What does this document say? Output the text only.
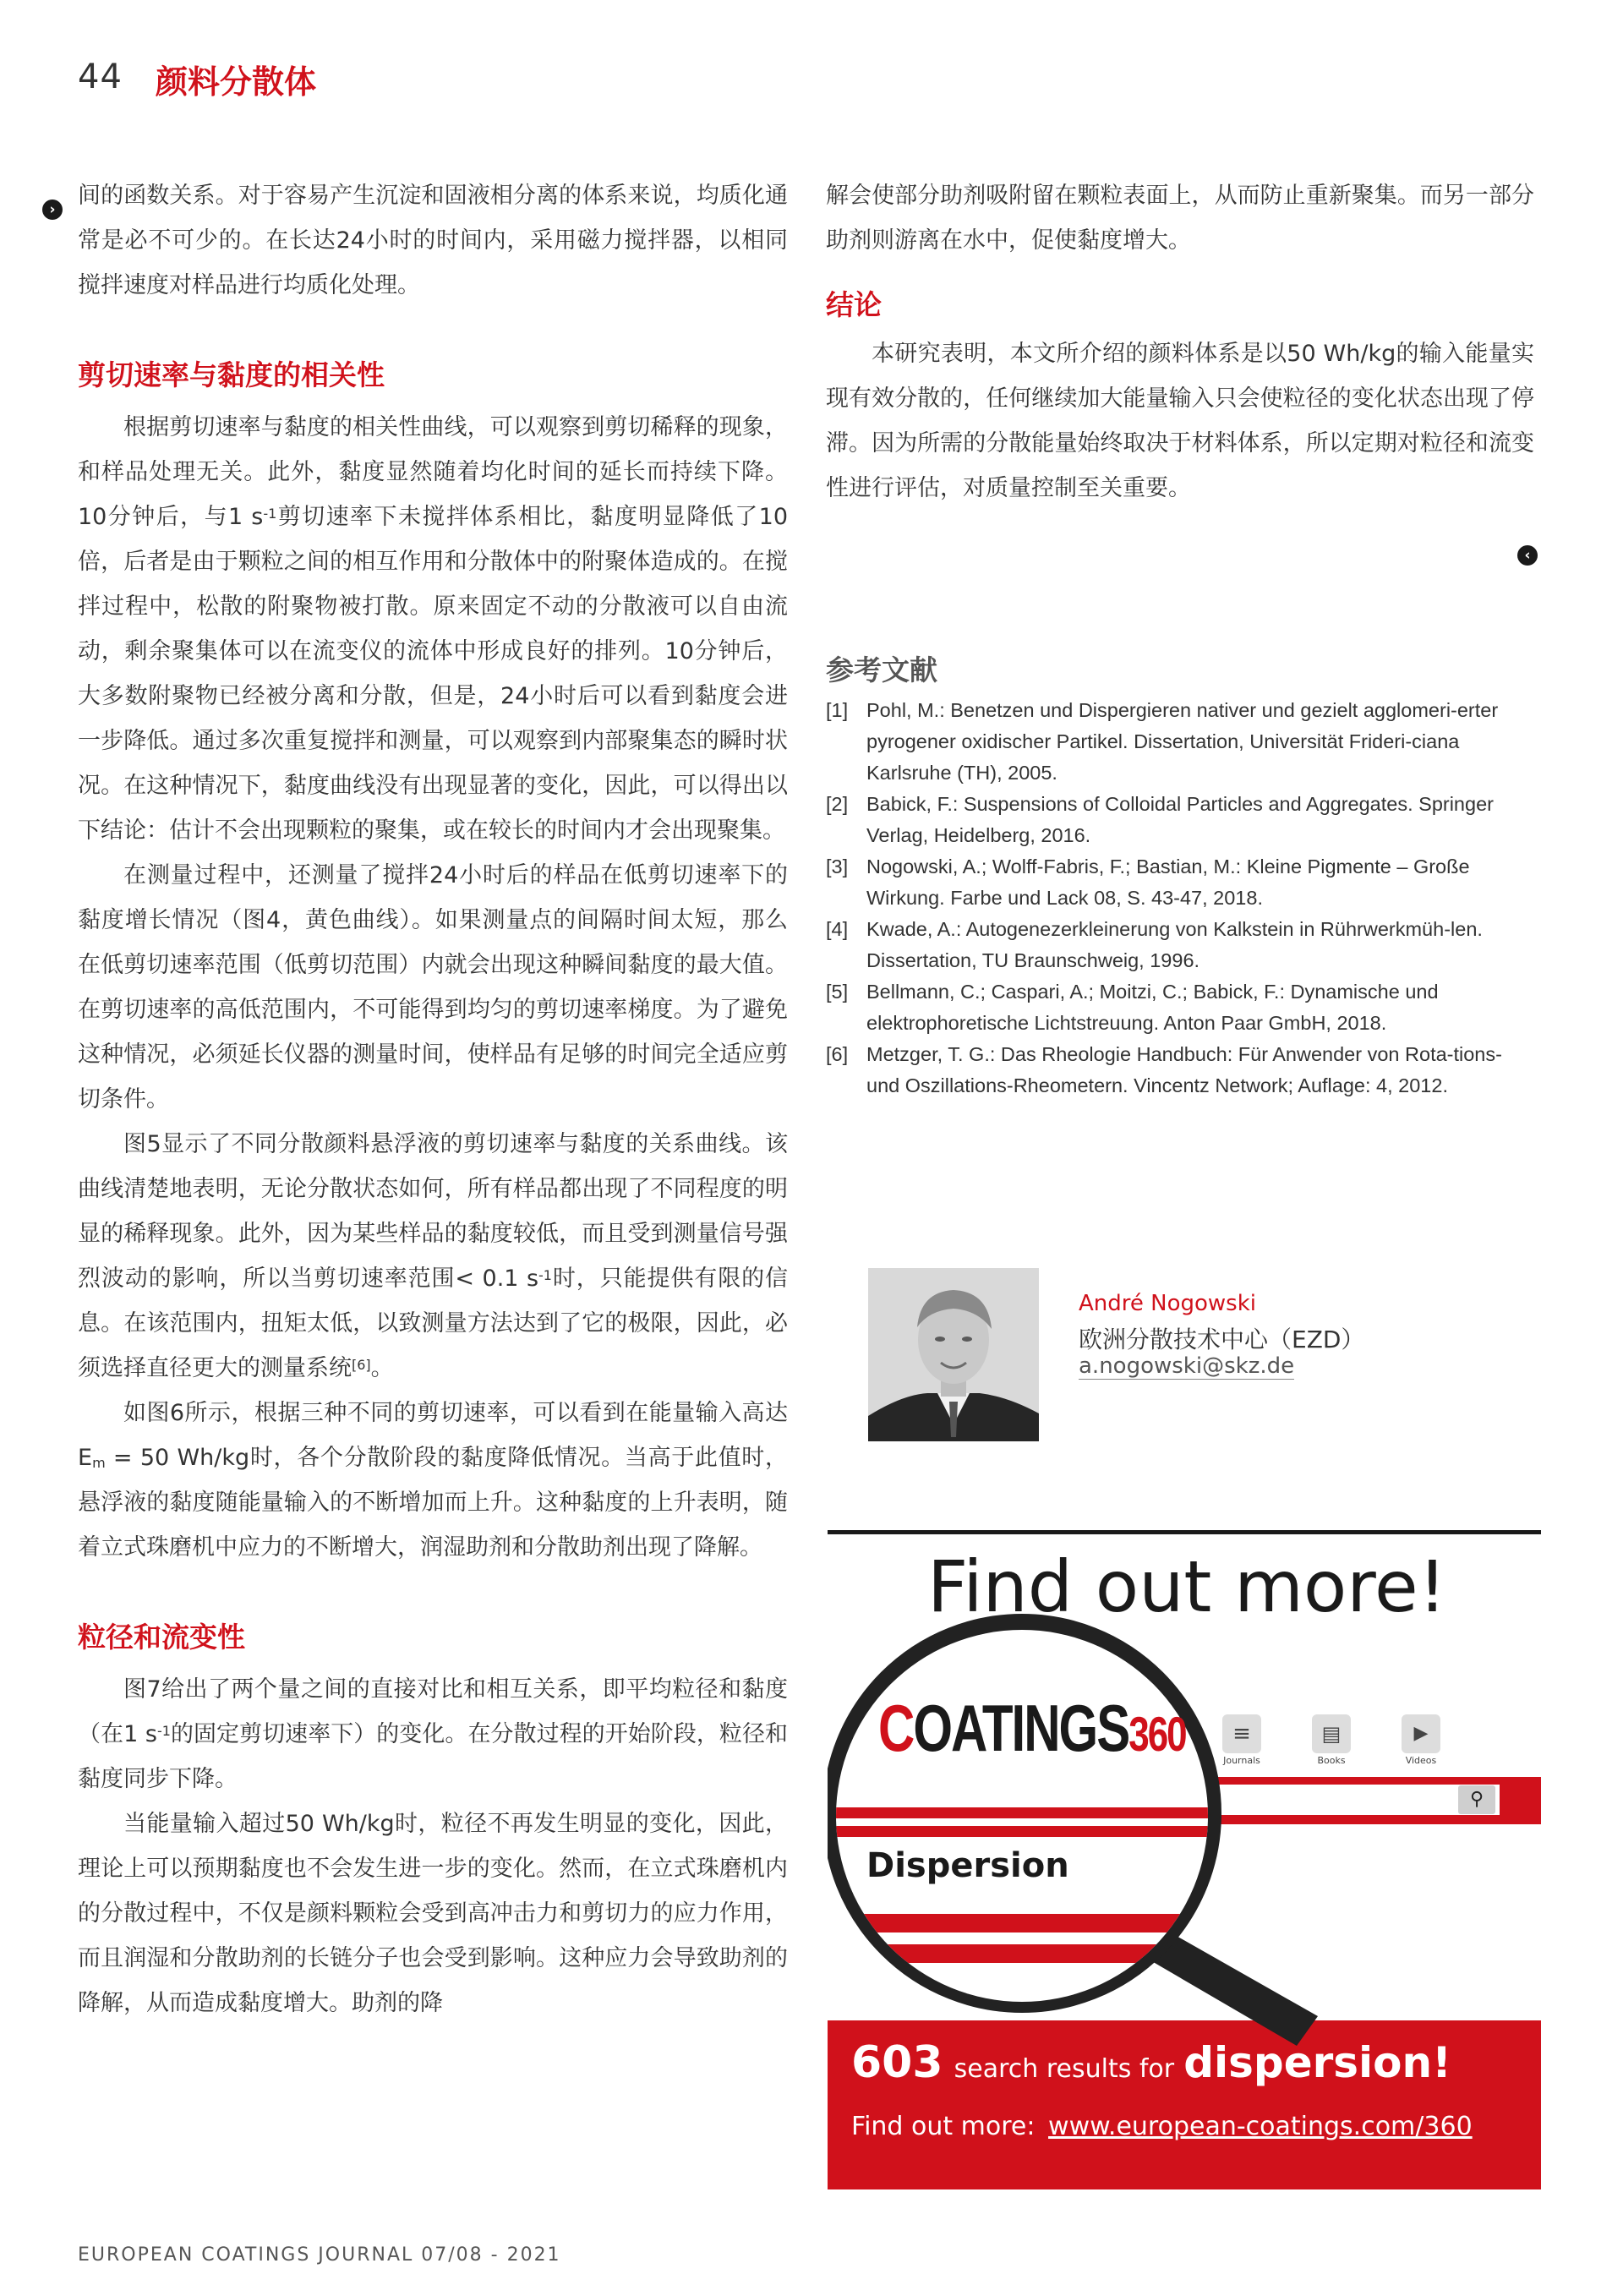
44 颜料分散体
›

间的函数关系。对于容易产生沉淀和固液相分离的体系来说，均质化通常是必不可少的。在长达24小时的时间内，采用磁力搅拌器，以相同搅拌速度对样品进行均质化处理。

剪切速率与黏度的相关性

根据剪切速率与黏度的相关性曲线，可以观察到剪切稀释的现象，和样品处理无关。此外，黏度显然随着均化时间的延长而持续下降。10分钟后，与1 $s^{-1}$剪切速率下未搅拌体系相比，黏度明显降低了10倍，后者是由于颗粒之间的相互作用和分散体中的附聚体造成的。在搅拌过程中，松散的附聚物被打散。原来固定不动的分散液可以自由流动，剩余聚集体可以在流变仪的流体中形成良好的排列。10分钟后，大多数附聚物已经被分离和分散，但是，24小时后可以看到黏度会进一步降低。通过多次重复搅拌和测量，可以观察到内部聚集态的瞬时状况。在这种情况下，黏度曲线没有出现显著的变化，因此，可以得出以下结论：估计不会出现颗粒的聚集，或在较长的时间内才会出现聚集。

在测量过程中，还测量了搅拌24小时后的样品在低剪切速率下的黏度增长情况（图4，黄色曲线）。如果测量点的间隔时间太短，那么在低剪切速率范围（低剪切范围）内就会出现这种瞬间黏度的最大值。在剪切速率的高低范围内，不可能得到均匀的剪切速率梯度。为了避免这种情况，必须延长仪器的测量时间，使样品有足够的时间完全适应剪切条件。

图5显示了不同分散颜料悬浮液的剪切速率与黏度的关系曲线。该曲线清楚地表明，无论分散状态如何，所有样品都出现了不同程度的明显的稀释现象。此外，因为某些样品的黏度较低，而且受到测量信号强烈波动的影响，所以当剪切速率范围< 0.1 $s^{-1}$时，只能提供有限的信息。在该范围内，扭矩太低，以致测量方法达到了它的极限，因此，必须选择直径更大的测量系统[6]。

如图6所示，根据三种不同的剪切速率，可以看到在能量输入高达$E_m = 50$ Wh/kg时，各个分散阶段的黏度降低情况。当高于此值时，悬浮液的黏度随能量输入的不断增加而上升。这种黏度的上升表明，随着立式珠磨机中应力的不断增大，润湿助剂和分散助剂出现了降解。

粒径和流变性

图7给出了两个量之间的直接对比和相互关系，即平均粒径和黏度（在1 $s^{-1}$的固定剪切速率下）的变化。在分散过程的开始阶段，粒径和黏度同步下降。

当能量输入超过50 Wh/kg时，粒径不再发生明显的变化，因此，理论上可以预期黏度也不会发生进一步的变化。然而，在立式珠磨机内的分散过程中，不仅是颜料颗粒会受到高冲击力和剪切力的应力作用，而且润湿和分散助剂的长链分子也会受到影响。这种应力会导致助剂的降解，从而造成黏度增大。助剂的降

解会使部分助剂吸附留在颗粒表面上，从而防止重新聚集。而另一部分助剂则游离在水中，促使黏度增大。

结论

本研究表明，本文所介绍的颜料体系是以50 Wh/kg的输入能量实现有效分散的，任何继续加大能量输入只会使粒径的变化状态出现了停滞。因为所需的分散能量始终取决于材料体系，所以定期对粒径和流变性进行评估，对质量控制至关重要。

‹
参考文献
[1] Pohl, M.: Benetzen und Dispergieren nativer und gezielt agglomeri-erter pyrogener oxidischer Partikel. Dissertation, Universität Frideri-ciana Karlsruhe (TH), 2005.
[2] Babick, F.: Suspensions of Colloidal Particles and Aggregates. Springer Verlag, Heidelberg, 2016.
[3] Nogowski, A.; Wolff-Fabris, F.; Bastian, M.: Kleine Pigmente – Große Wirkung. Farbe und Lack 08, S. 43-47, 2018.
[4] Kwade, A.: Autogenezerkleinerung von Kalkstein in Rührwerkmüh-len. Dissertation, TU Braunschweig, 1996.
[5] Bellmann, C.; Caspari, A.; Moitzi, C.; Babick, F.: Dynamische und elektrophoretische Lichtstreuung. Anton Paar GmbH, 2018.
[6] Metzger, T. G.: Das Rheologie Handbuch: Für Anwender von Rota-tions- und Oszillations-Rheometern. Vincentz Network; Auflage: 4, 2012.
André Nogowski
欧洲分散技术中心（EZD）
a.nogowski@skz.de
Dispersion
Find out more!
COATINGS360	≡
Journals
▤
Books
▶
Videos
⚲
603 search results for dispersion!
Find out more: www.european-coatings.com/360
EUROPEAN COATINGS JOURNAL 07/08 - 2021
